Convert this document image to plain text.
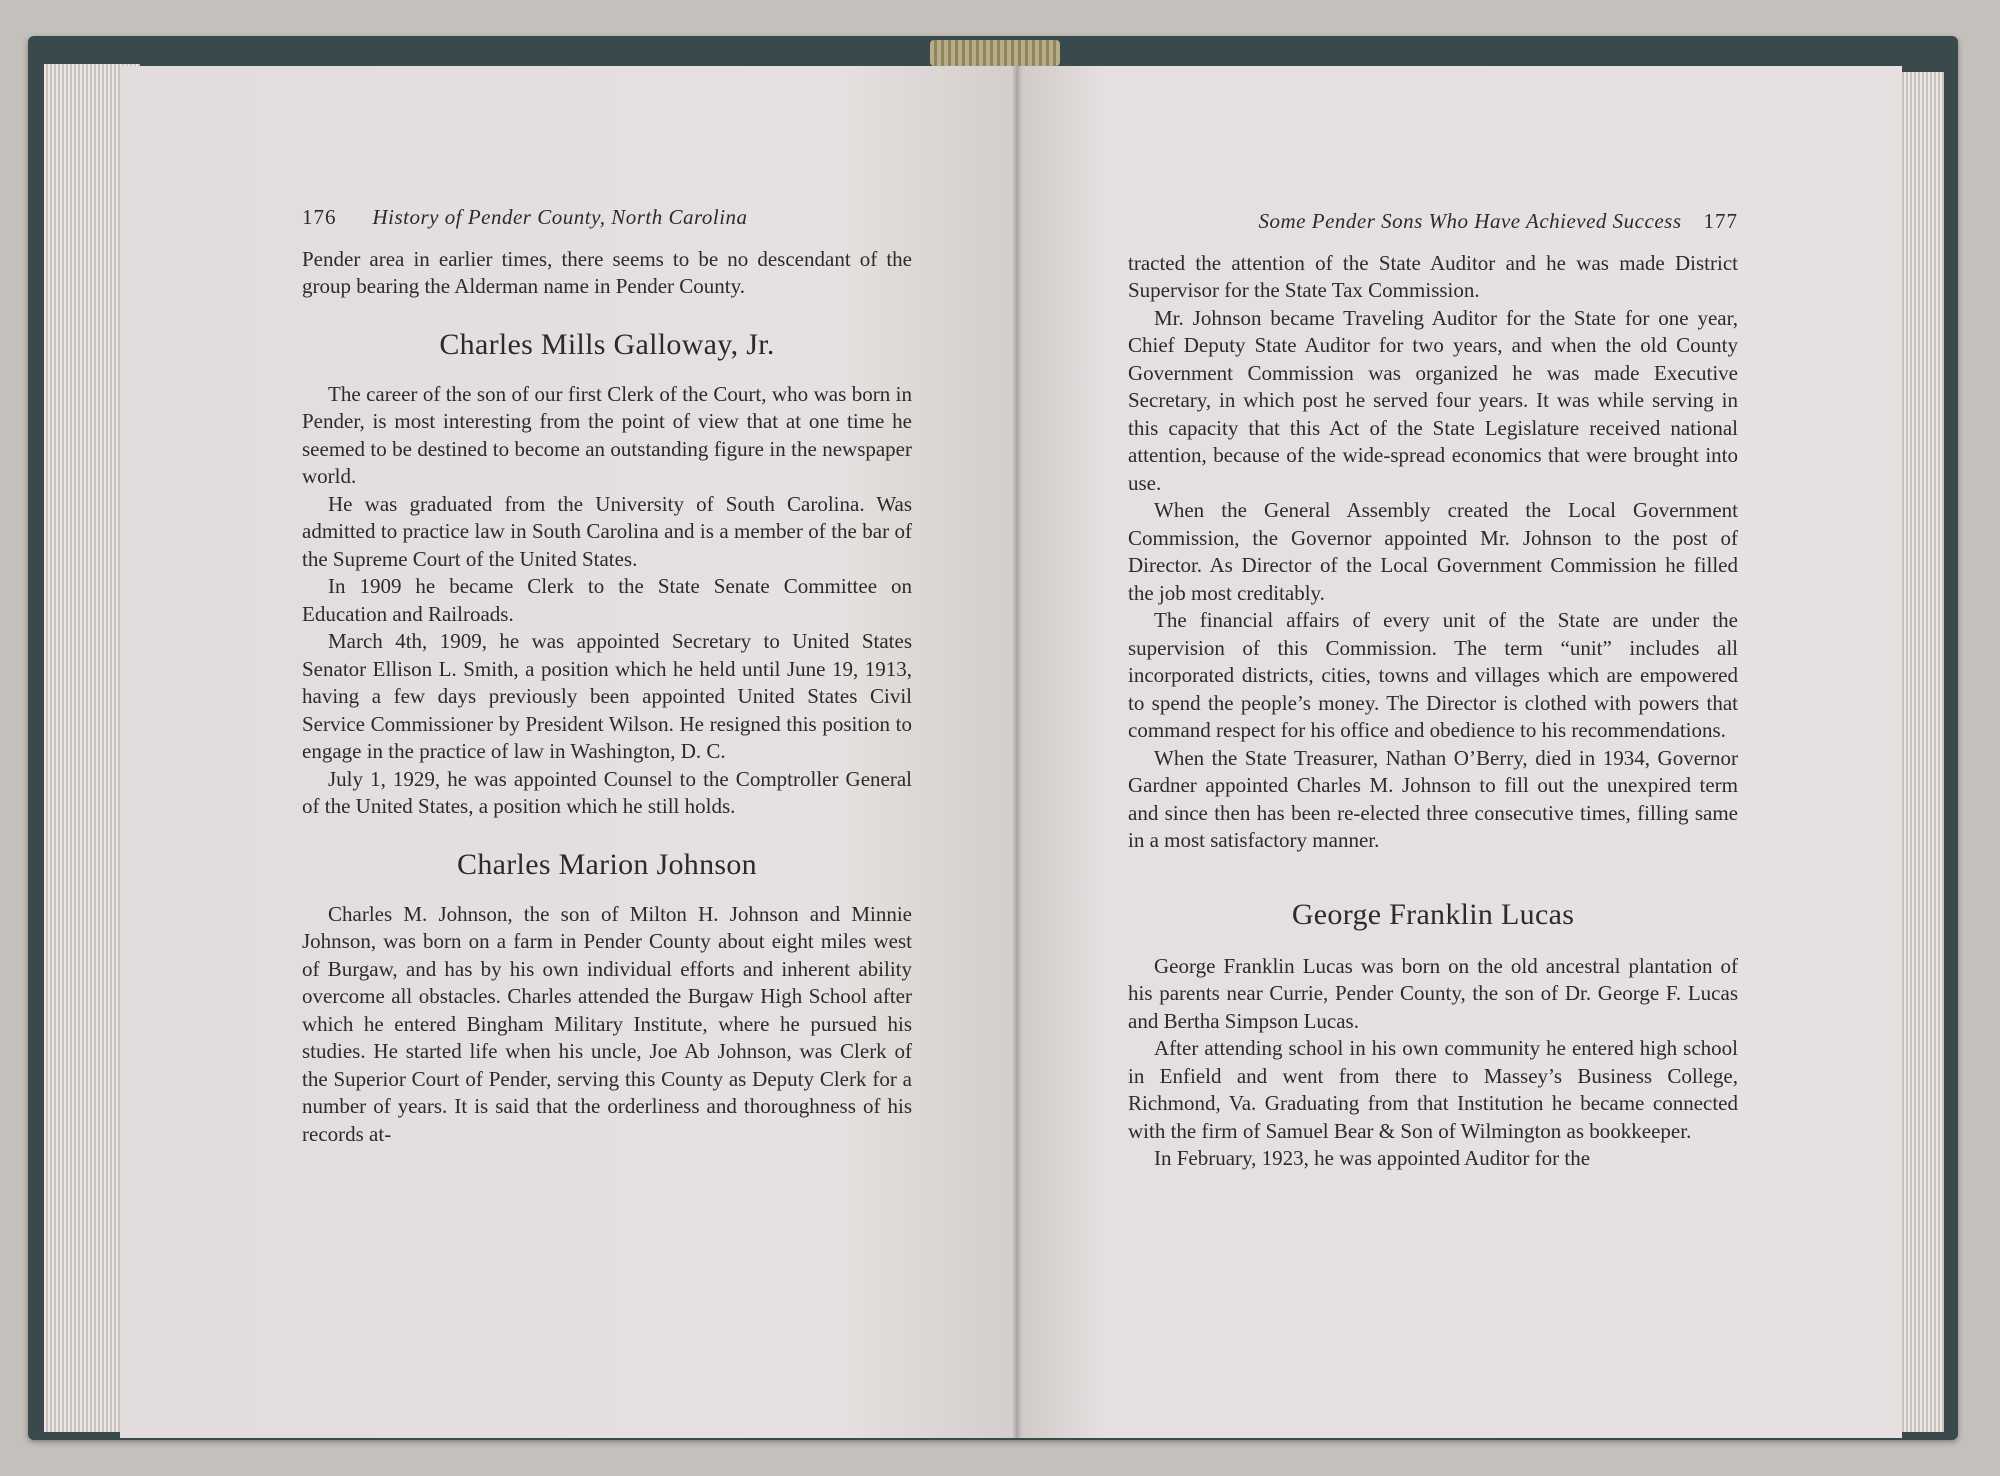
176 History of Pender County, North Carolina

Pender area in earlier times, there seems to be no descendant of the group bearing the Alderman name in Pender County.

Charles Mills Galloway, Jr.

The career of the son of our first Clerk of the Court, who was born in Pender, is most interesting from the point of view that at one time he seemed to be destined to become an outstanding figure in the newspaper world.

He was graduated from the University of South Carolina. Was admitted to practice law in South Carolina and is a member of the bar of the Supreme Court of the United States.

In 1909 he became Clerk to the State Senate Committee on Education and Railroads.

March 4th, 1909, he was appointed Secretary to United States Senator Ellison L. Smith, a position which he held until June 19, 1913, having a few days previously been appointed United States Civil Service Commissioner by President Wilson. He resigned this position to engage in the practice of law in Washington, D. C.

July 1, 1929, he was appointed Counsel to the Comptroller General of the United States, a position which he still holds.

Charles Marion Johnson

Charles M. Johnson, the son of Milton H. Johnson and Minnie Johnson, was born on a farm in Pender County about eight miles west of Burgaw, and has by his own individual efforts and inherent ability overcome all obstacles. Charles attended the Burgaw High School after which he entered Bingham Military Institute, where he pursued his studies. He started life when his uncle, Joe Ab Johnson, was Clerk of the Superior Court of Pender, serving this County as Deputy Clerk for a number of years. It is said that the orderliness and thoroughness of his records at-

Some Pender Sons Who Have Achieved Success 177

tracted the attention of the State Auditor and he was made District Supervisor for the State Tax Commission.

Mr. Johnson became Traveling Auditor for the State for one year, Chief Deputy State Auditor for two years, and when the old County Government Commission was organized he was made Executive Secretary, in which post he served four years. It was while serving in this capacity that this Act of the State Legislature received national attention, because of the wide-spread economics that were brought into use.

When the General Assembly created the Local Government Commission, the Governor appointed Mr. Johnson to the post of Director. As Director of the Local Government Commission he filled the job most creditably.

The financial affairs of every unit of the State are under the supervision of this Commission. The term “unit” includes all incorporated districts, cities, towns and villages which are empowered to spend the people’s money. The Director is clothed with powers that command respect for his office and obedience to his recommendations.

When the State Treasurer, Nathan O’Berry, died in 1934, Governor Gardner appointed Charles M. Johnson to fill out the unexpired term and since then has been re-elected three consecutive times, filling same in a most satisfactory manner.

George Franklin Lucas

George Franklin Lucas was born on the old ancestral plantation of his parents near Currie, Pender County, the son of Dr. George F. Lucas and Bertha Simpson Lucas.

After attending school in his own community he entered high school in Enfield and went from there to Massey’s Business College, Richmond, Va. Graduating from that Institution he became connected with the firm of Samuel Bear & Son of Wilmington as bookkeeper.

In February, 1923, he was appointed Auditor for the
